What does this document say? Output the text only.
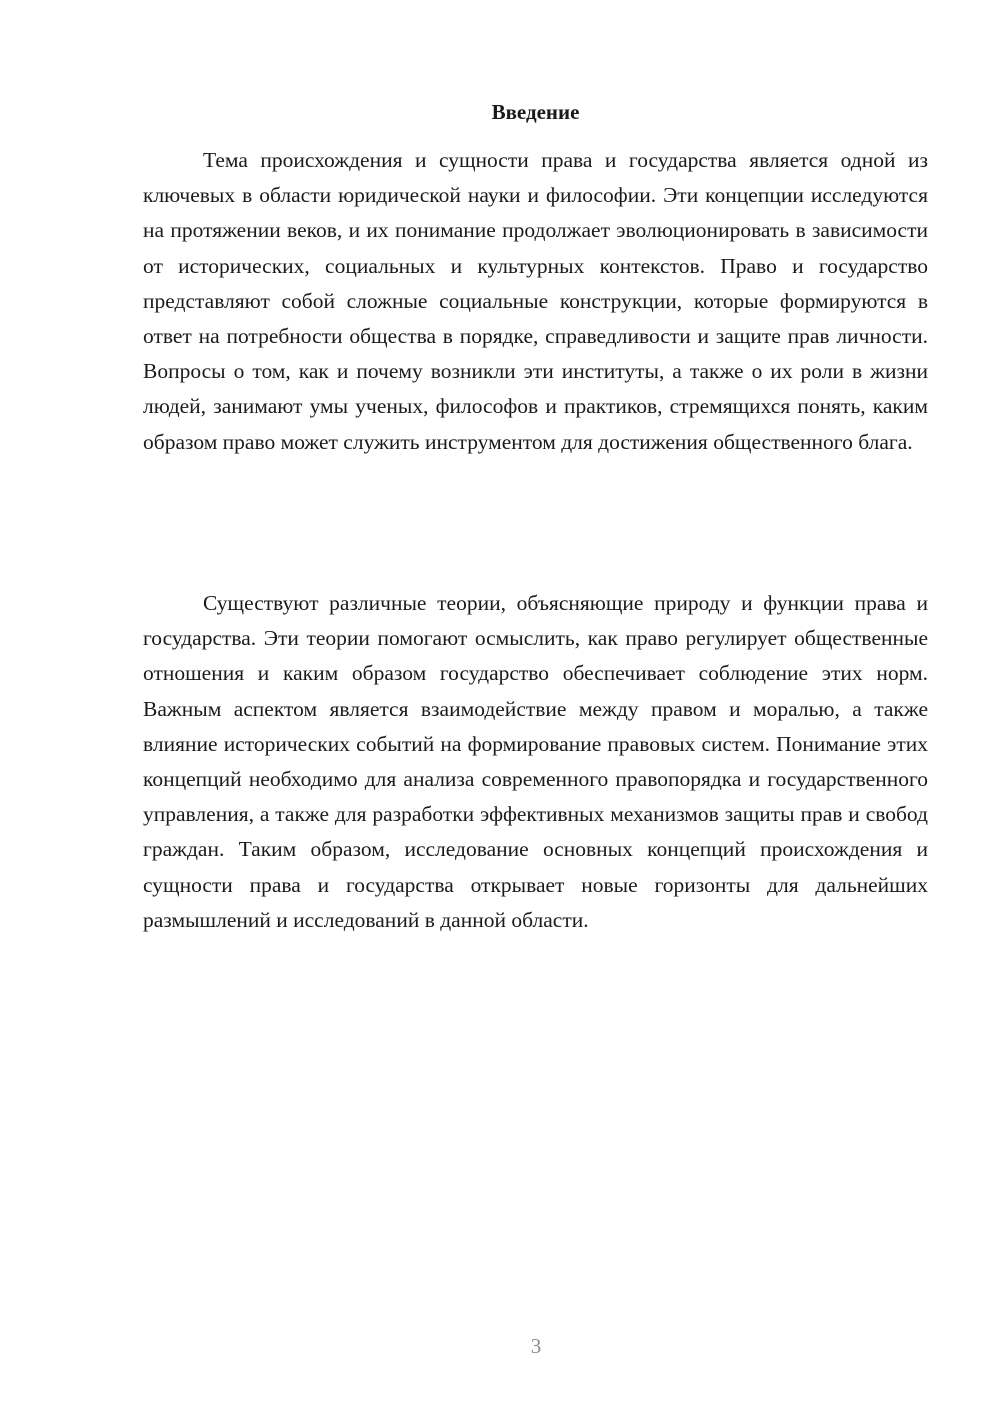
Введение

Тема происхождения и сущности права и государства является одной из ключевых в области юридической науки и философии. Эти концепции исследуются на протяжении веков, и их понимание продолжает эволюционировать в зависимости от исторических, социальных и культурных контекстов. Право и государство представляют собой сложные социальные конструкции, которые формируются в ответ на потребности общества в порядке, справедливости и защите прав личности. Вопросы о том, как и почему возникли эти институты, а также о их роли в жизни людей, занимают умы ученых, философов и практиков, стремящихся понять, каким образом право может служить инструментом для достижения общественного блага.

Существуют различные теории, объясняющие природу и функции права и государства. Эти теории помогают осмыслить, как право регулирует общественные отношения и каким образом государство обеспечивает соблюдение этих норм. Важным аспектом является взаимодействие между правом и моралью, а также влияние исторических событий на формирование правовых систем. Понимание этих концепций необходимо для анализа современного правопорядка и государственного управления, а также для разработки эффективных механизмов защиты прав и свобод граждан. Таким образом, исследование основных концепций происхождения и сущности права и государства открывает новые горизонты для дальнейших размышлений и исследований в данной области.

3
